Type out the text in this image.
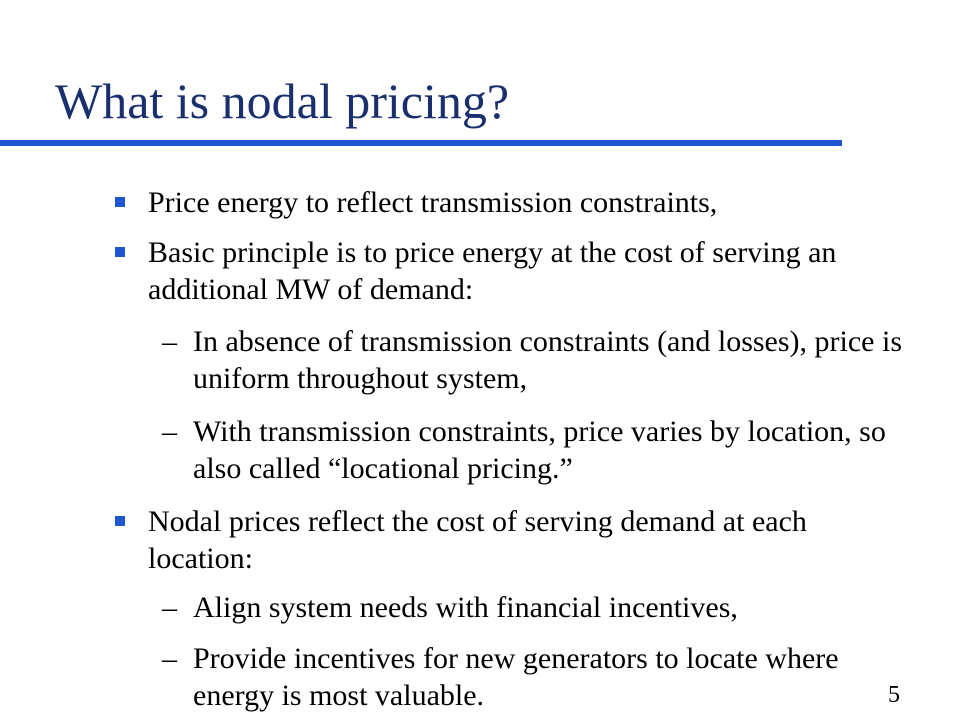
What is nodal pricing?

Price energy to reflect transmission constraints,

Basic principle is to price energy at the cost of serving an additional MW of demand:

– In absence of transmission constraints (and losses), price is uniform throughout system,

– With transmission constraints, price varies by location, so also called “locational pricing.”

Nodal prices reflect the cost of serving demand at each location:

– Align system needs with financial incentives,

– Provide incentives for new generators to locate where energy is most valuable.	5
